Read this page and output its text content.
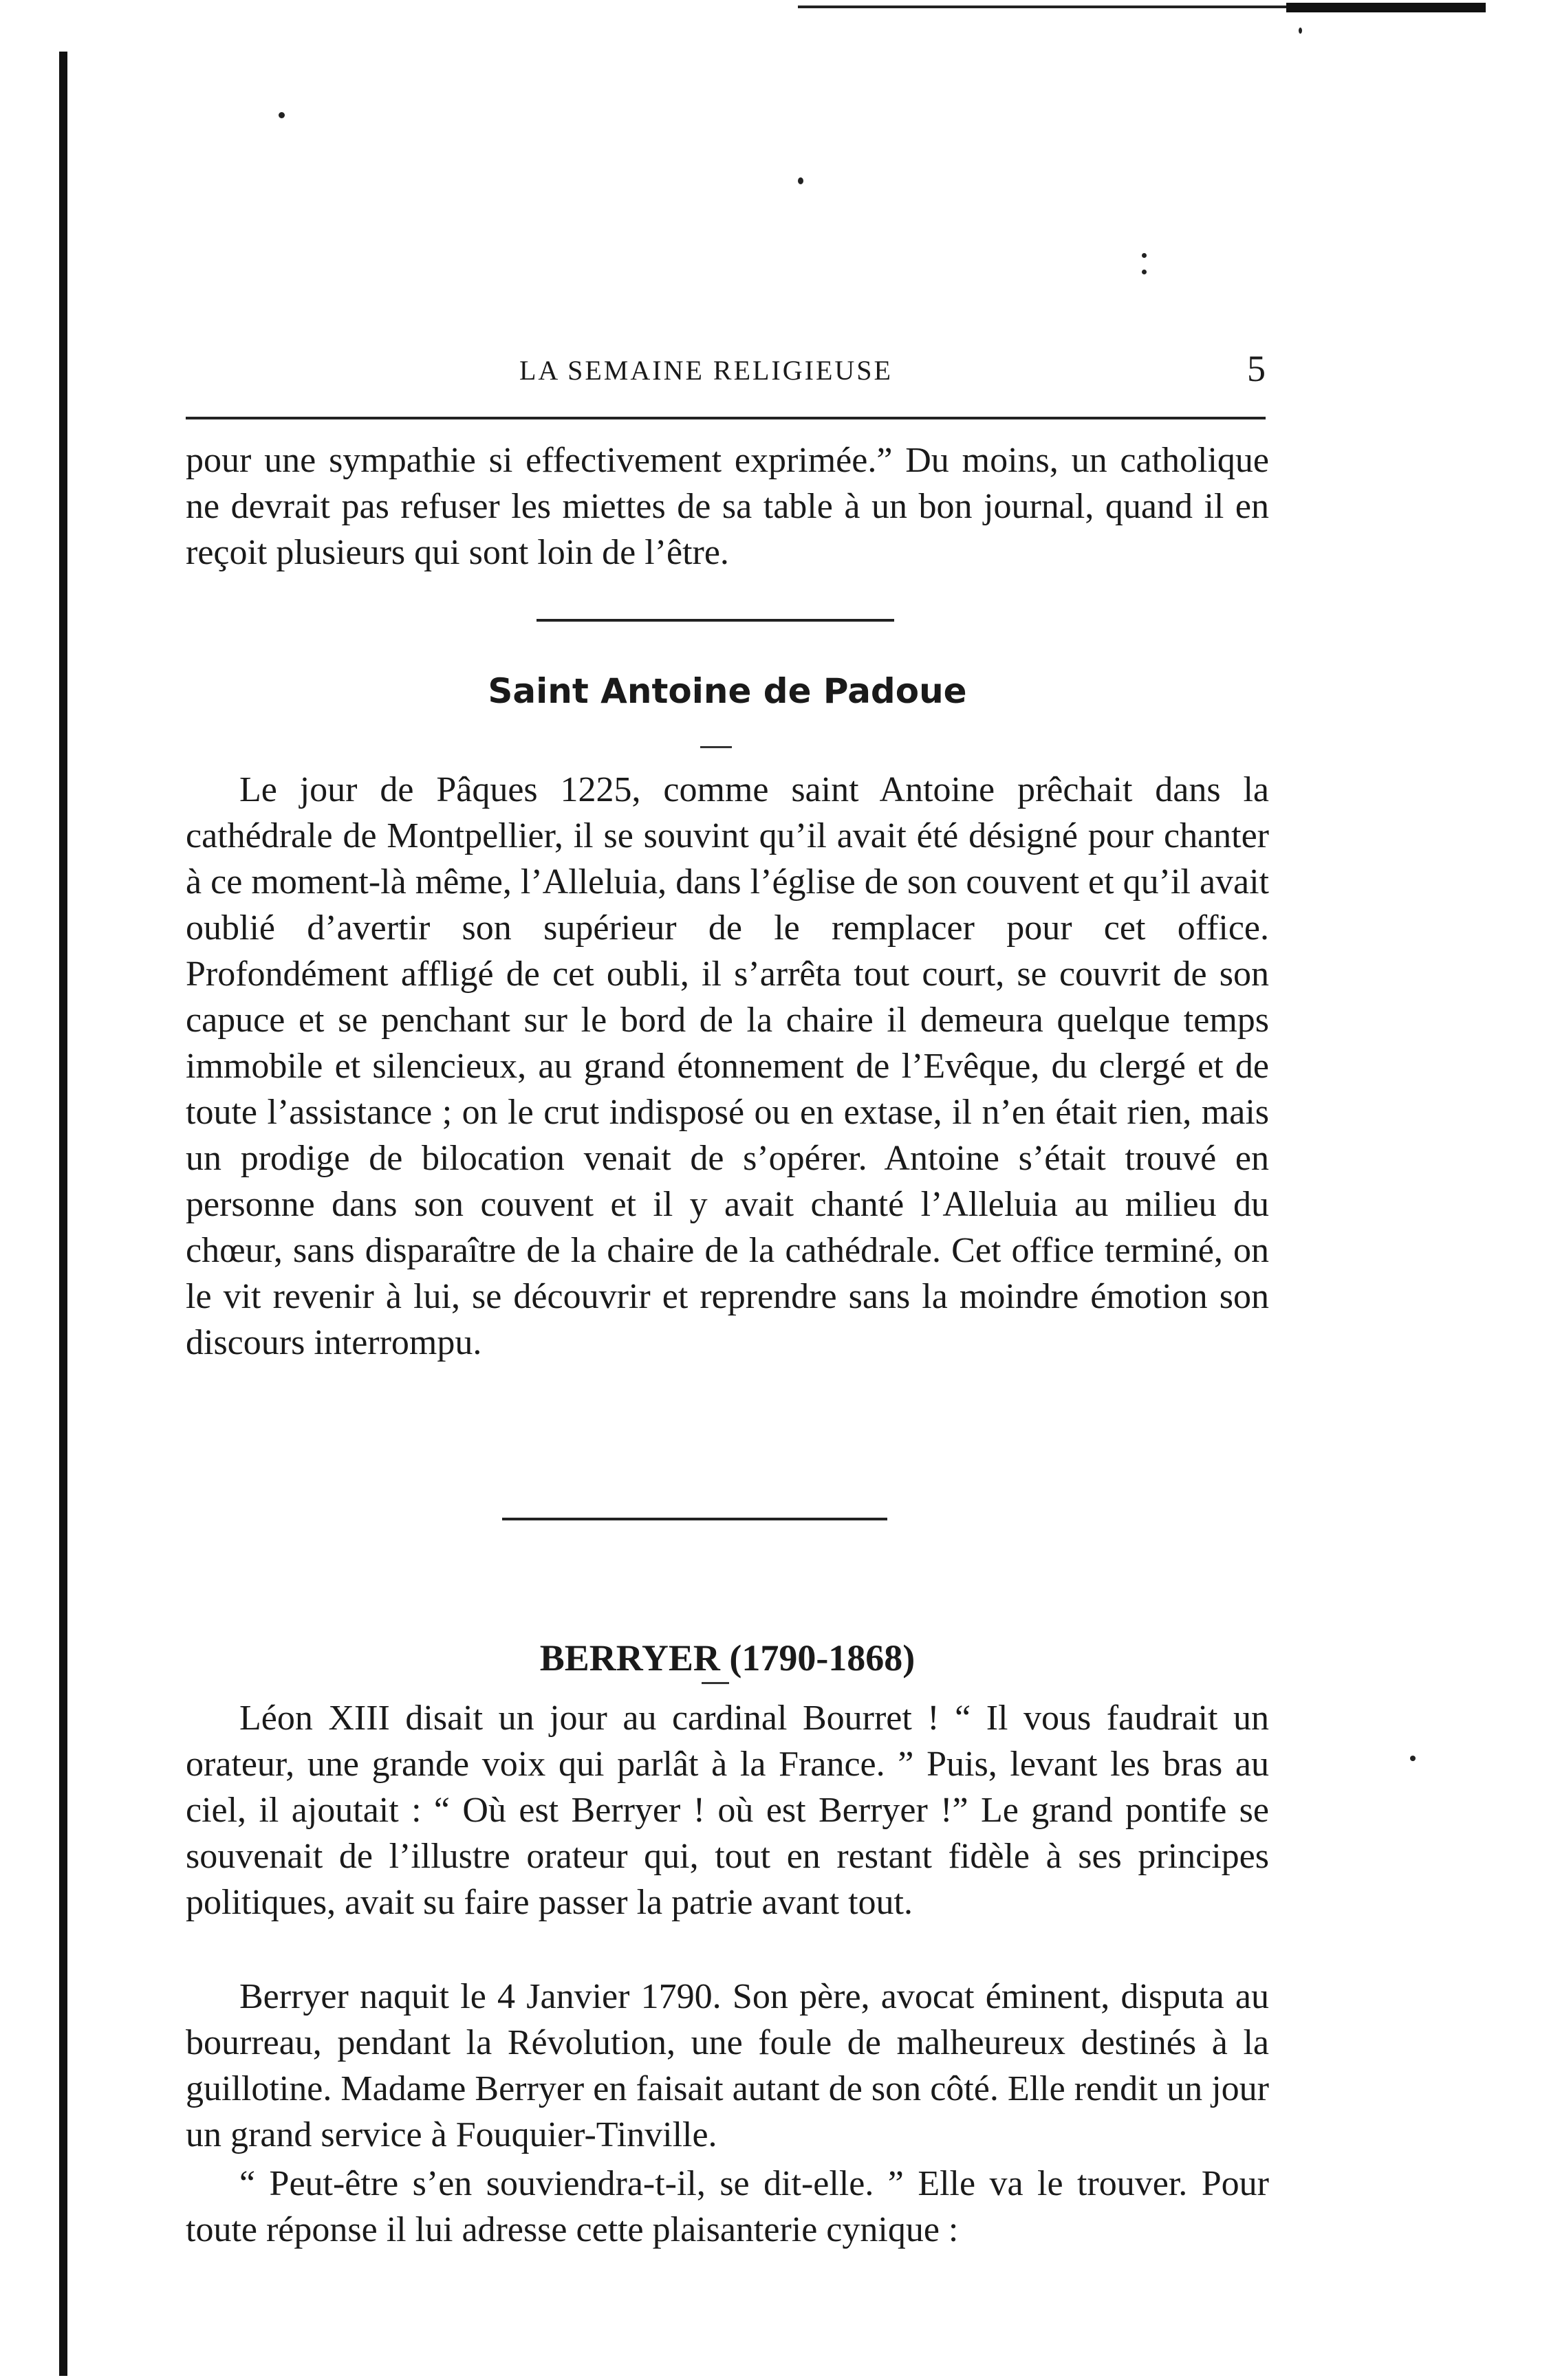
LA SEMAINE RELIGIEUSE	5

pour une sympathie si effectivement exprimée.” Du moins, un catholique ne devrait pas refuser les miettes de sa table à un bon journal, quand il en reçoit plusieurs qui sont loin de l’être.

Saint Antoine de Padoue

Le jour de Pâques 1225, comme saint Antoine prêchait dans la cathédrale de Montpellier, il se souvint qu’il avait été désigné pour chanter à ce moment-là même, l’Alleluia, dans l’église de son couvent et qu’il avait oublié d’avertir son supérieur de le remplacer pour cet office. Profondément affligé de cet oubli, il s’arrêta tout court, se couvrit de son capuce et se penchant sur le bord de la chaire il demeura quelque temps immobile et silencieux, au grand étonnement de l’Evêque, du clergé et de toute l’assistance ; on le crut indisposé ou en extase, il n’en était rien, mais un prodige de bilocation venait de s’opérer. Antoine s’était trouvé en personne dans son couvent et il y avait chanté l’Alleluia au milieu du chœur, sans disparaître de la chaire de la cathédrale. Cet office terminé, on le vit revenir à lui, se découvrir et reprendre sans la moindre émotion son discours interrompu.

BERRYER (1790-1868)

Léon XIII disait un jour au cardinal Bourret ! “ Il vous faudrait un orateur, une grande voix qui parlât à la France. ” Puis, levant les bras au ciel, il ajoutait : “ Où est Berryer ! où est Berryer !” Le grand pontife se souvenait de l’illustre orateur qui, tout en restant fidèle à ses principes politiques, avait su faire passer la patrie avant tout.

Berryer naquit le 4 Janvier 1790. Son père, avocat éminent, disputa au bourreau, pendant la Révolution, une foule de malheureux destinés à la guillotine. Madame Berryer en faisait autant de son côté. Elle rendit un jour un grand service à Fouquier-Tinville.

“ Peut-être s’en souviendra-t-il, se dit-elle. ” Elle va le trouver. Pour toute réponse il lui adresse cette plaisanterie cynique :
